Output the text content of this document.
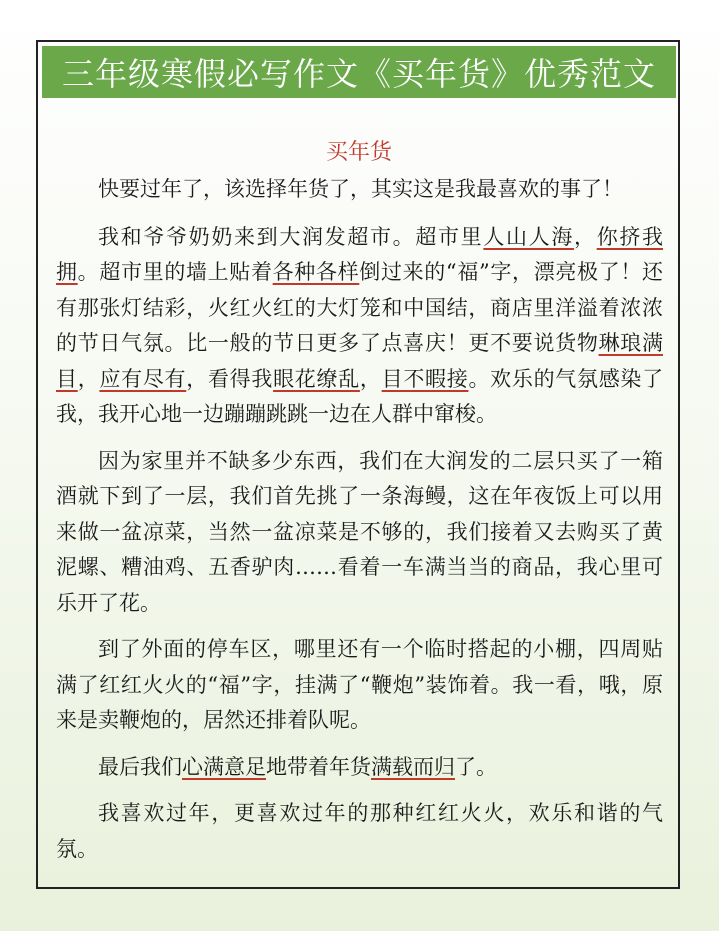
三年级寒假必写作文《买年货》优秀范文
买年货

快要过年了，该选择年货了，其实这是我最喜欢的事了！

我和爷爷奶奶来到大润发超市。超市里人山人海，你挤我拥。超市里的墙上贴着各种各样倒过来的“福”字，漂亮极了！还有那张灯结彩，火红火红的大灯笼和中国结，商店里洋溢着浓浓的节日气氛。比一般的节日更多了点喜庆！更不要说货物琳琅满目，应有尽有，看得我眼花缭乱，目不暇接。欢乐的气氛感染了我，我开心地一边蹦蹦跳跳一边在人群中窜梭。

因为家里并不缺多少东西，我们在大润发的二层只买了一箱酒就下到了一层，我们首先挑了一条海鳗，这在年夜饭上可以用来做一盆凉菜，当然一盆凉菜是不够的，我们接着又去购买了黄泥螺、糟油鸡、五香驴肉……看着一车满当当的商品，我心里可乐开了花。

到了外面的停车区，哪里还有一个临时搭起的小棚，四周贴满了红红火火的“福”字，挂满了“鞭炮”装饰着。我一看，哦，原来是卖鞭炮的，居然还排着队呢。

最后我们心满意足地带着年货满载而归了。

我喜欢过年，更喜欢过年的那种红红火火，欢乐和谐的气氛。
